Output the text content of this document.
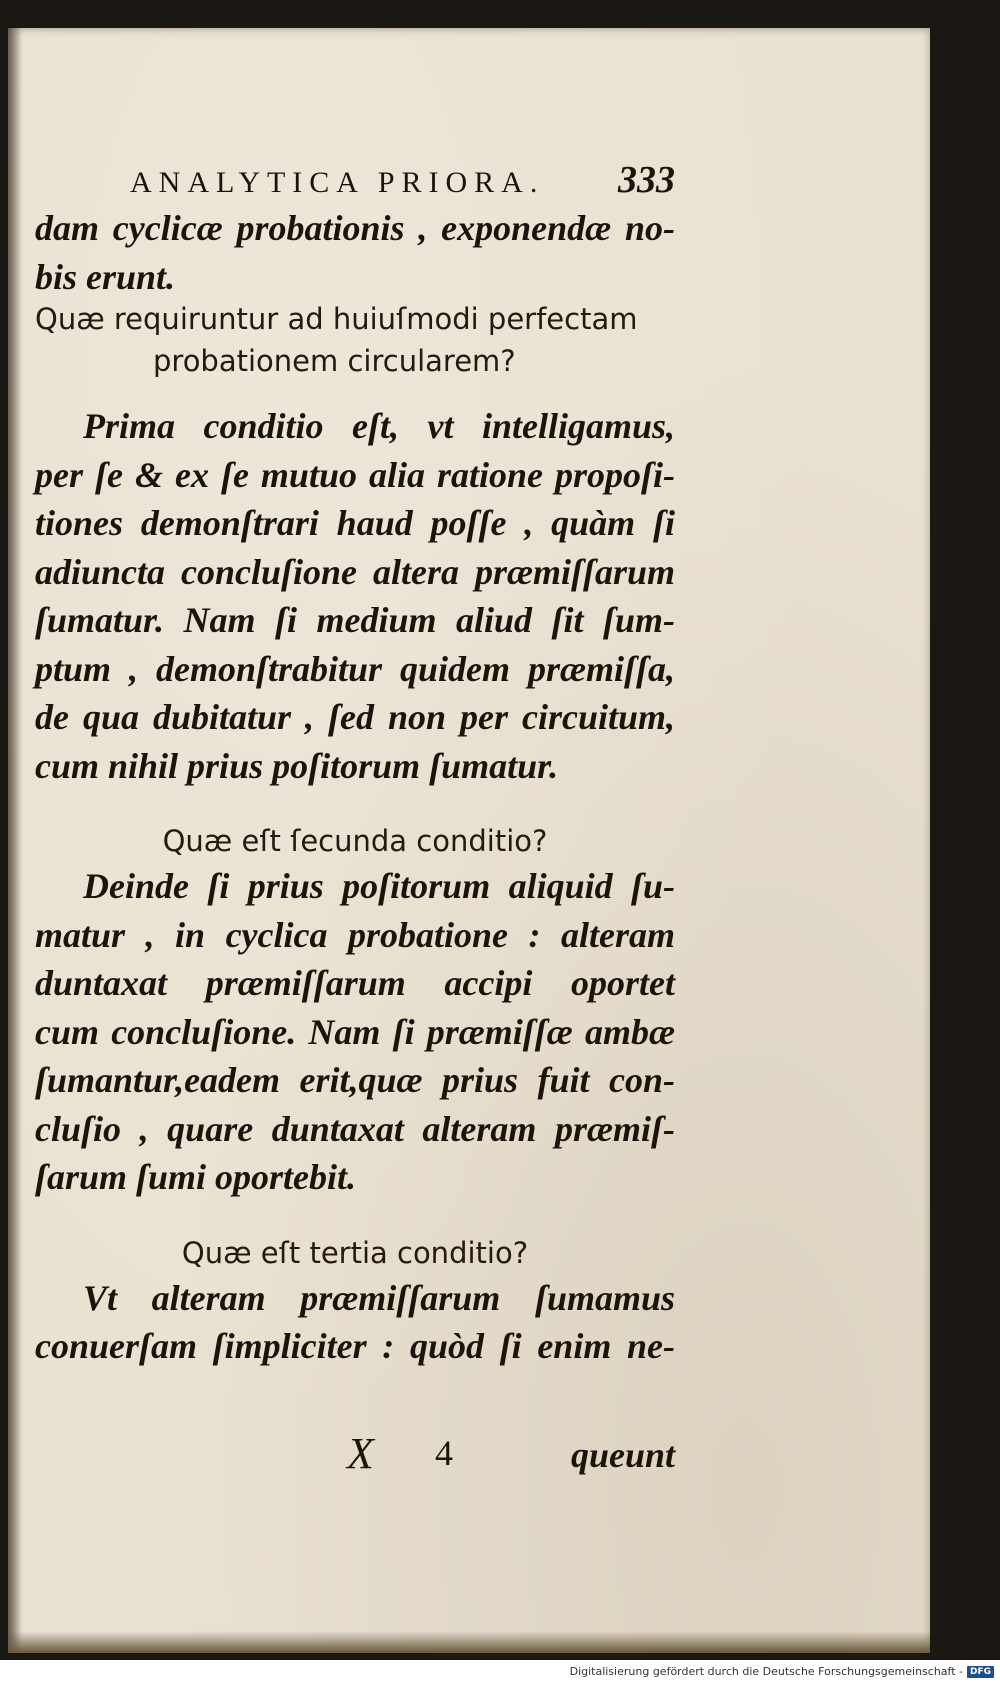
ANALYTICA PRIORA. 333
dam cyclicæ probationis , exponendæ no-
bis erunt.
Quæ requiruntur ad huiuſmodi perfectam
probationem circularem?
Prima conditio eſt, vt intelligamus,
per ſe & ex ſe mutuo alia ratione propoſi-
tiones demonſtrari haud poſſe , quàm ſi
adiuncta concluſione altera præmiſſarum
ſumatur. Nam ſi medium aliud ſit ſum-
ptum , demonſtrabitur quidem præmiſſa,
de qua dubitatur , ſed non per circuitum,
cum nihil prius poſitorum ſumatur.
Quæ eſt ſecunda conditio?
Deinde ſi prius poſitorum aliquid ſu-
matur , in cyclica probatione : alteram
duntaxat præmiſſarum accipi oportet
cum concluſione. Nam ſi præmiſſæ ambæ
ſumantur,eadem erit,quæ prius fuit con-
cluſio , quare duntaxat alteram præmiſ-
ſarum ſumi oportebit.
Quæ eſt tertia conditio?
Vt alteram præmiſſarum ſumamus
conuerſam ſimpliciter : quòd ſi enim ne-
X 4	queunt
Digitalisierung gefördert durch die Deutsche Forschungsgemeinschaft - DFG
